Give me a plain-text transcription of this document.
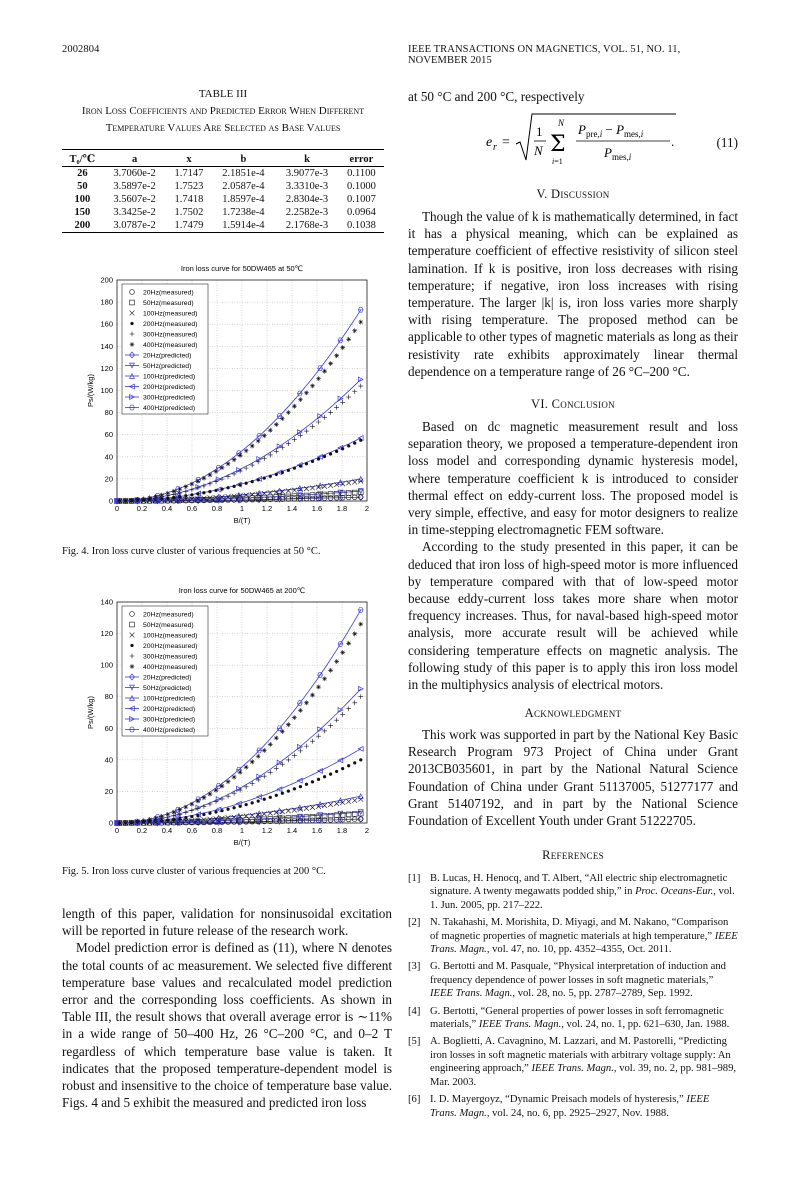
2002804	IEEE TRANSACTIONS ON MAGNETICS, VOL. 51, NO. 11, NOVEMBER 2015
TABLE III
Iron Loss Coefficients and Predicted Error When Different
Temperature Values Are Selected as Base Values
T₀/℃	a	x	b	k	error
26	3.7060e-2	1.7147	2.1851e-4	3.9077e-3	0.1100
50	3.5897e-2	1.7523	2.0587e-4	3.3310e-3	0.1000
100	3.5607e-2	1.7418	1.8597e-4	2.8304e-3	0.1007
150	3.3425e-2	1.7502	1.7238e-4	2.2582e-3	0.0964
200	3.0787e-2	1.7479	1.5914e-4	2.1768e-3	0.1038
Iron loss curve for 50DW465 at 50℃
0 0.2 0.4 0.6 0.8 1 1.2 1.4 1.6 1.8 2
0
20
40
60
80
100
120
140
160
180
200
B/(T)
Ps/(W/kg)
20Hz(measured)
50Hz(measured)
100Hz(measured)
200Hz(measured)
300Hz(measured)
400Hz(measured)
20Hz(predicted)
50Hz(predicted)
100Hz(predicted)
200Hz(predicted)
300Hz(predicted)
400Hz(predicted)
Fig. 4. Iron loss curve cluster of various frequencies at 50 °C.
Iron loss curve for 50DW465 at 200℃
0 0.2 0.4 0.6 0.8 1 1.2 1.4 1.6 1.8 2
0
20
40
60
80
100
120
140
B/(T)
Ps/(W/kg)
20Hz(measured)
50Hz(measured)
100Hz(measured)
200Hz(measured)
300Hz(measured)
400Hz(measured)
20Hz(predicted)
50Hz(predicted)
100Hz(predicted)
200Hz(predicted)
300Hz(predicted)
400Hz(predicted)
Fig. 5. Iron loss curve cluster of various frequencies at 200 °C.

length of this paper, validation for nonsinusoidal excitation will be reported in future release of the research work.

Model prediction error is defined as (11), where N denotes the total counts of ac measurement. We selected five different temperature base values and recalculated model prediction error and the corresponding loss coefficients. As shown in Table III, the result shows that overall average error is ∼11% in a wide range of 50–400 Hz, 26 °C–200 °C, and 0–2 T regardless of which temperature base value is taken. It indicates that the proposed temperature-dependent model is robust and insensitive to the choice of temperature base value. Figs. 4 and 5 exhibit the measured and predicted iron loss

at 50 °C and 200 °C, respectively
e r =
1
N
N
Σ
i=1
$P_{pre,}i - P_{mes,}i$
$P_{mes,}i$
.	(11)
V. Discussion

Though the value of k is mathematically determined, in fact it has a physical meaning, which can be explained as temperature coefficient of effective resistivity of silicon steel lamination. If k is positive, iron loss decreases with rising temperature; if negative, iron loss increases with rising temperature. The larger |k| is, iron loss varies more sharply with rising temperature. The proposed method can be applicable to other types of magnetic materials as long as their resistivity rate exhibits approximately linear thermal dependence on a temperature range of 26 °C–200 °C.

VI. Conclusion

Based on dc magnetic measurement result and loss separation theory, we proposed a temperature-dependent iron loss model and corresponding dynamic hysteresis model, where temperature coefficient k is introduced to consider thermal effect on eddy-current loss. The proposed model is very simple, effective, and easy for motor designers to realize in time-stepping electromagnetic FEM software.

According to the study presented in this paper, it can be deduced that iron loss of high-speed motor is more influenced by temperature compared with that of low-speed motor because eddy-current loss takes more share when motor frequency increases. Thus, for naval-based high-speed motor analysis, more accurate result will be achieved while considering temperature effects on magnetic analysis. The following study of this paper is to apply this iron loss model in the multiphysics analysis of electrical motors.

Acknowledgment

This work was supported in part by the National Key Basic Research Program 973 Project of China under Grant 2013CB035601, in part by the National Natural Science Foundation of China under Grant 51137005, 51277177 and Grant 51407192, and in part by the National Science Foundation of Excellent Youth under Grant 51222705.

References
[1] B. Lucas, H. Henocq, and T. Albert, “All electric ship electromagnetic signature. A twenty megawatts podded ship,” in Proc. Oceans-Eur., vol. 1. Jun. 2005, pp. 217–222.
[2] N. Takahashi, M. Morishita, D. Miyagi, and M. Nakano, “Comparison of magnetic properties of magnetic materials at high temperature,” IEEE Trans. Magn., vol. 47, no. 10, pp. 4352–4355, Oct. 2011.
[3] G. Bertotti and M. Pasquale, “Physical interpretation of induction and frequency dependence of power losses in soft magnetic materials,” IEEE Trans. Magn., vol. 28, no. 5, pp. 2787–2789, Sep. 1992.
[4] G. Bertotti, “General properties of power losses in soft ferromagnetic materials,” IEEE Trans. Magn., vol. 24, no. 1, pp. 621–630, Jan. 1988.
[5] A. Boglietti, A. Cavagnino, M. Lazzari, and M. Pastorelli, “Predicting iron losses in soft magnetic materials with arbitrary voltage supply: An engineering approach,” IEEE Trans. Magn., vol. 39, no. 2, pp. 981–989, Mar. 2003.
[6] I. D. Mayergoyz, “Dynamic Preisach models of hysteresis,” IEEE Trans. Magn., vol. 24, no. 6, pp. 2925–2927, Nov. 1988.
